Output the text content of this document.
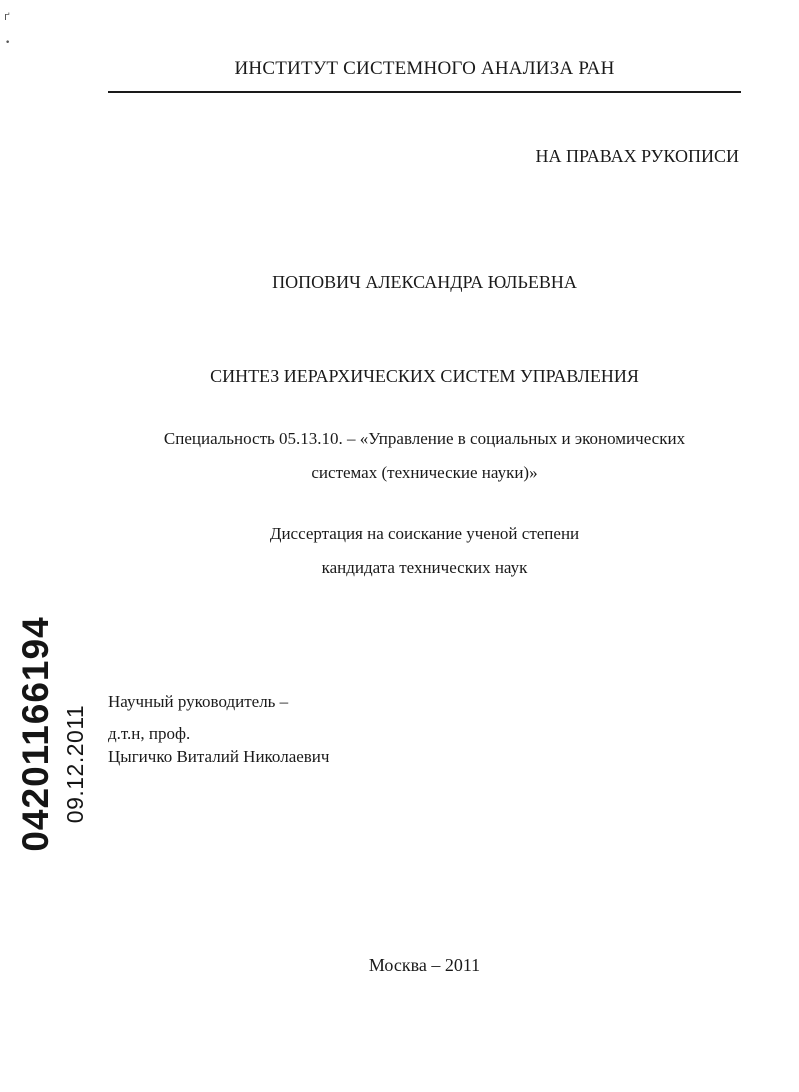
ґ
•
ИНСТИТУТ СИСТЕМНОГО АНАЛИЗА РАН
НА ПРАВАХ РУКОПИСИ
ПОПОВИЧ АЛЕКСАНДРА ЮЛЬЕВНА
СИНТЕЗ ИЕРАРХИЧЕСКИХ СИСТЕМ УПРАВЛЕНИЯ
Специальность 05.13.10. – «Управление в социальных и экономических
системах (технические науки)»
Диссертация на соискание ученой степени
кандидата технических наук
04201166194 09.12.2011
Научный руководитель –
д.т.н, проф.
Цыгичко Виталий Николаевич
Москва – 2011
